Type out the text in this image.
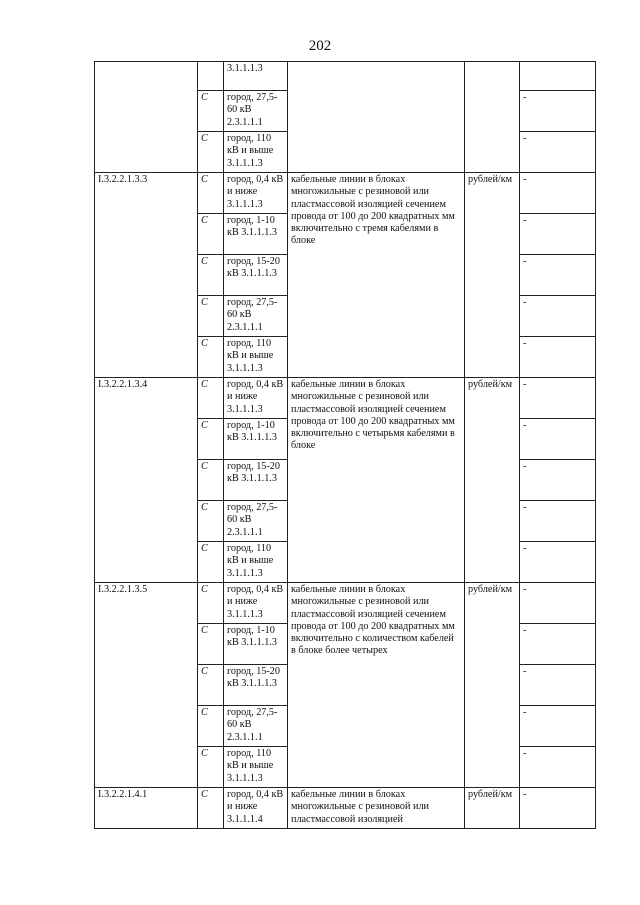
202
		3.1.1.1.3			
	С	город, 27,5-60 кВ 2.3.1.1.1			-
	С	город, 110 кВ и выше 3.1.1.1.3			-
I.3.2.2.1.3.3	С	город, 0,4 кВ и ниже 3.1.1.1.3	кабельные линии в блоках многожильные с резиновой или пластмассовой изоляцией сечением провода от 100 до 200 квадратных мм включительно с тремя кабелями в блоке	рублей/км	-
	С	город, 1-10 кВ 3.1.1.1.3			-
	С	город, 15-20 кВ 3.1.1.1.3			-
	С	город, 27,5-60 кВ 2.3.1.1.1			-
	С	город, 110 кВ и выше 3.1.1.1.3			-
I.3.2.2.1.3.4	С	город, 0,4 кВ и ниже 3.1.1.1.3	кабельные линии в блоках многожильные с резиновой или пластмассовой изоляцией сечением провода от 100 до 200 квадратных мм включительно с четырьмя кабелями в блоке	рублей/км	-
	С	город, 1-10 кВ 3.1.1.1.3			-
	С	город, 15-20 кВ 3.1.1.1.3			-
	С	город, 27,5-60 кВ 2.3.1.1.1			-
	С	город, 110 кВ и выше 3.1.1.1.3			-
I.3.2.2.1.3.5	С	город, 0,4 кВ и ниже 3.1.1.1.3	кабельные линии в блоках многожильные с резиновой или пластмассовой изоляцией сечением провода от 100 до 200 квадратных мм включительно с количеством кабелей в блоке более четырех	рублей/км	-
	С	город, 1-10 кВ 3.1.1.1.3			-
	С	город, 15-20 кВ 3.1.1.1.3			-
	С	город, 27,5-60 кВ 2.3.1.1.1			-
	С	город, 110 кВ и выше 3.1.1.1.3			-
I.3.2.2.1.4.1	С	город, 0,4 кВ и ниже 3.1.1.1.4	кабельные линии в блоках многожильные с резиновой или пластмассовой изоляцией	рублей/км	-
